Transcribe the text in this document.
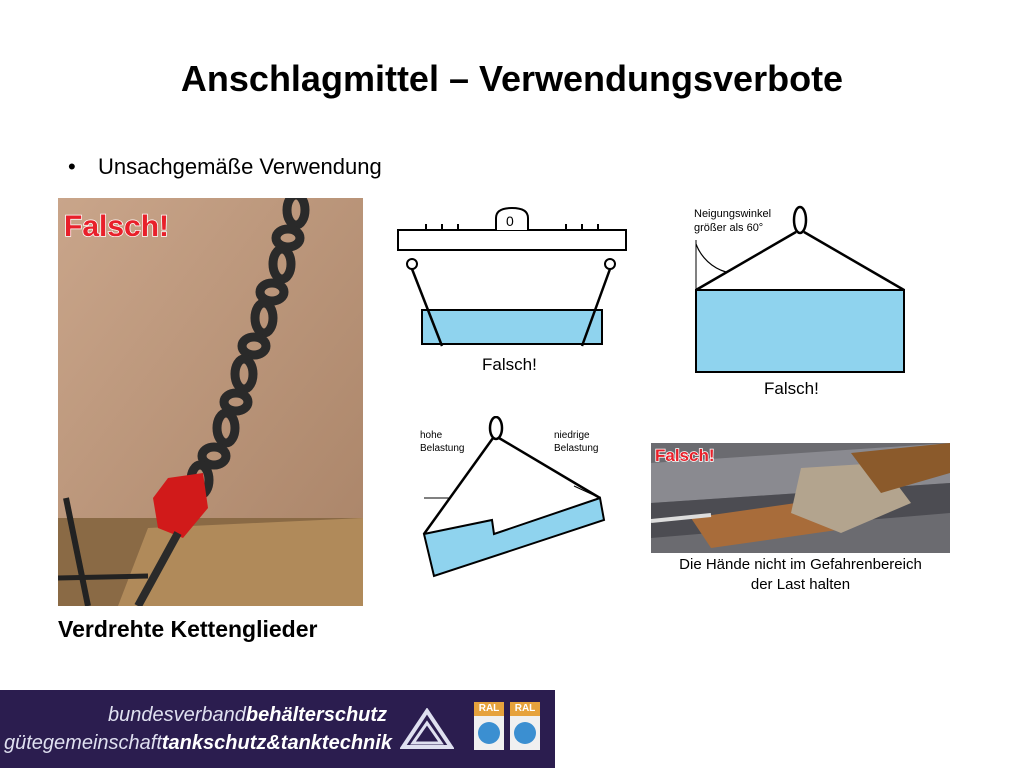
Anschlagmittel – Verwendungsverbote
• Unsachgemäße Verwendung
Falsch!
Verdrehte Kettenglieder
0
Falsch!
Neigungswinkel
größer als 60°
Falsch!
hohe
Belastung
niedrige
Belastung	Falsch!
Die Hände nicht im Gefahrenbereich
der Last halten
bundesverbandbehälterschutz
gütegemeinschafttankschutz&tanktechnik
RAL	RAL
